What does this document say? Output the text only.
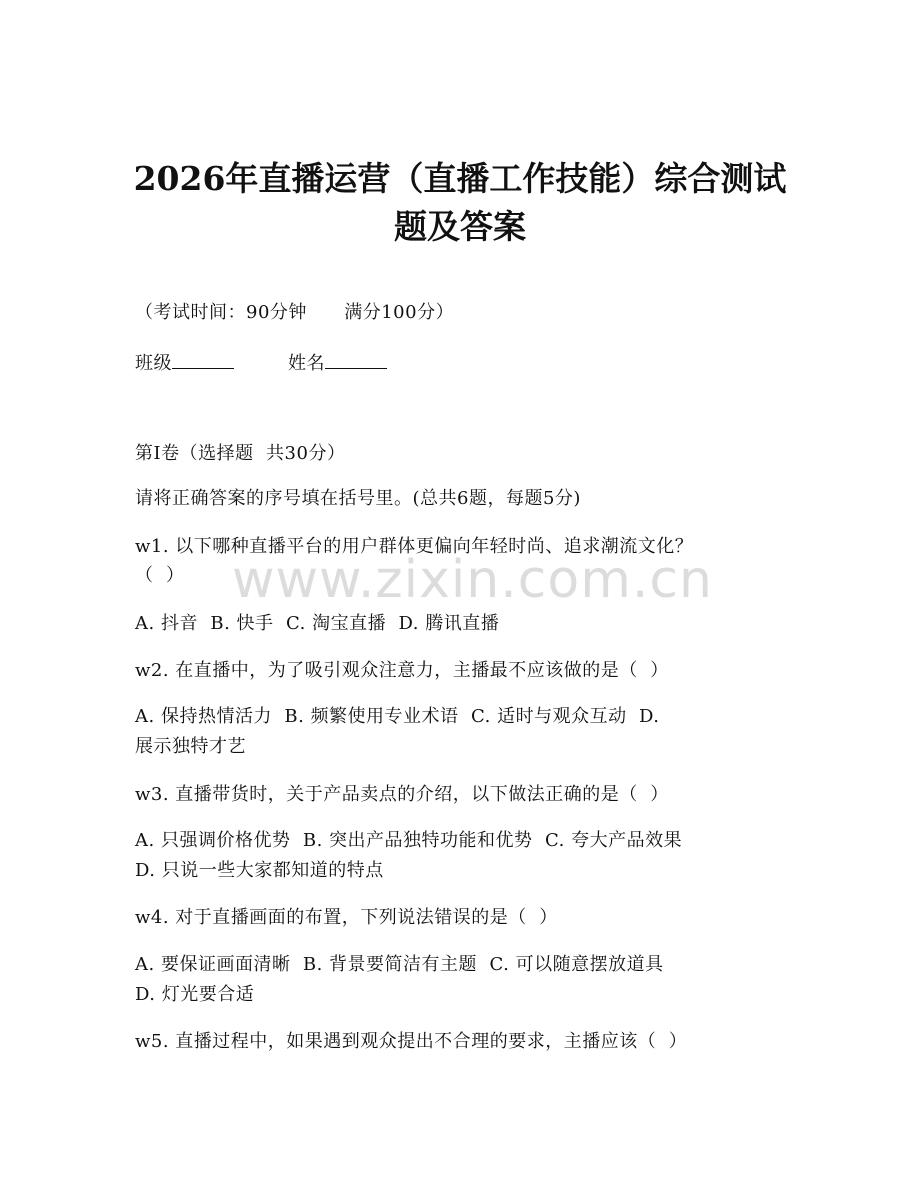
2026年直播运营（直播工作技能）综合测试
题及答案
（考试时间：90分钟      满分100分）
班级	姓名
第Ⅰ卷（选择题  共30分）
请将正确答案的序号填在括号里。(总共6题，每题5分)
w1. 以下哪种直播平台的用户群体更偏向年轻时尚、追求潮流文化？
（  ）
A. 抖音  B. 快手  C. 淘宝直播  D. 腾讯直播
w2. 在直播中，为了吸引观众注意力，主播最不应该做的是（  ）
A. 保持热情活力  B. 频繁使用专业术语  C. 适时与观众互动  D.
展示独特才艺
w3. 直播带货时，关于产品卖点的介绍，以下做法正确的是（  ）
A. 只强调价格优势  B. 突出产品独特功能和优势  C. 夸大产品效果
D. 只说一些大家都知道的特点
w4. 对于直播画面的布置，下列说法错误的是（  ）
A. 要保证画面清晰  B. 背景要简洁有主题  C. 可以随意摆放道具
D. 灯光要合适
w5. 直播过程中，如果遇到观众提出不合理的要求，主播应该（  ）
www.zixin.com.cn
